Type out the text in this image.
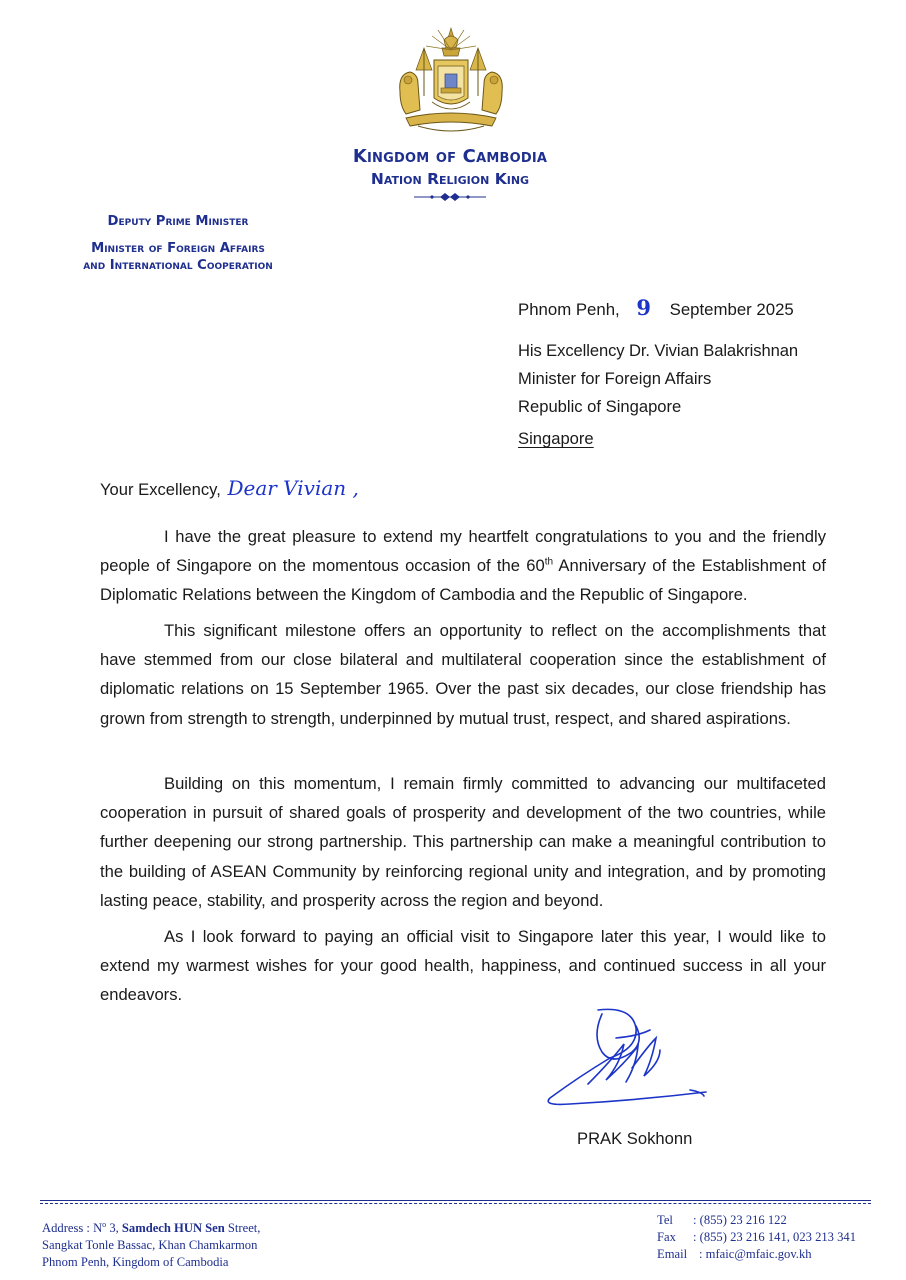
Kingdom of Cambodia
Nation Religion King
Deputy Prime Minister
Minister of Foreign Affairs
and International Cooperation
Phnom Penh, 9 September 2025
His Excellency Dr. Vivian Balakrishnan
Minister for Foreign Affairs
Republic of Singapore
Singapore
Your Excellency, Dear Vivian ,
I have the great pleasure to extend my heartfelt congratulations to you and the friendly people of Singapore on the momentous occasion of the 60th Anniversary of the Establishment of Diplomatic Relations between the Kingdom of Cambodia and the Republic of Singapore.
This significant milestone offers an opportunity to reflect on the accomplishments that have stemmed from our close bilateral and multilateral cooperation since the establishment of diplomatic relations on 15 September 1965. Over the past six decades, our close friendship has grown from strength to strength, underpinned by mutual trust, respect, and shared aspirations.
Building on this momentum, I remain firmly committed to advancing our multifaceted cooperation in pursuit of shared goals of prosperity and development of the two countries, while further deepening our strong partnership. This partnership can make a meaningful contribution to the building of ASEAN Community by reinforcing regional unity and integration, and by promoting lasting peace, stability, and prosperity across the region and beyond.
As I look forward to paying an official visit to Singapore later this year, I would like to extend my warmest wishes for your good health, happiness, and continued success in all your endeavors.
PRAK Sokhonn
Address : $N^o$ 3, Samdech HUN Sen Street,
Sangkat Tonle Bassac, Khan Chamkarmon
Phnom Penh, Kingdom of Cambodia
Tel : (855) 23 216 122
Fax : (855) 23 216 141, 023 213 341
Email : mfaic@mfaic.gov.kh
